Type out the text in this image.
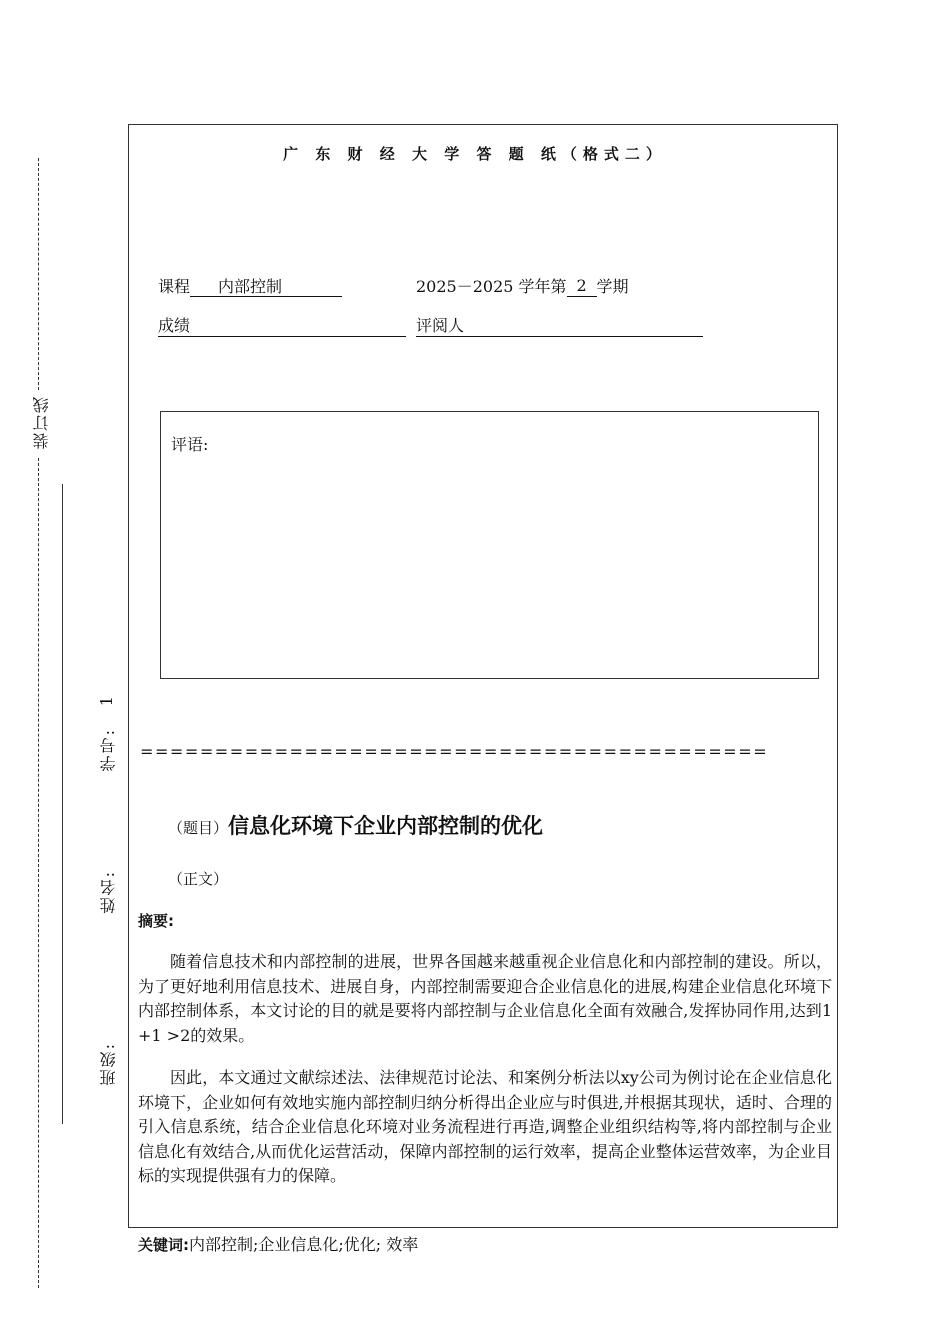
装订线
1
学号:
姓名:
班级:
广 东 财 经 大 学 答 题 纸（格式二）
课程 内部控制	2025－2025 学年第 2 学期
成绩	评阅人
评语:
==========================================
（题目）信息化环境下企业内部控制的优化
（正文）
摘要:
随着信息技术和内部控制的进展，世界各国越来越重视企业信息化和内部控制的建设。所以，为了更好地利用信息技术、进展自身，内部控制需要迎合企业信息化的进展,构建企业信息化环境下内部控制体系，本文讨论的目的就是要将内部控制与企业信息化全面有效融合,发挥协同作用,达到1+1 >2的效果。
因此，本文通过文献综述法、法律规范讨论法、和案例分析法以xy公司为例讨论在企业信息化环境下，企业如何有效地实施内部控制归纳分析得出企业应与时俱进,并根据其现状，适时、合理的引入信息系统，结合企业信息化环境对业务流程进行再造,调整企业组织结构等,将内部控制与企业信息化有效结合,从而优化运营活动，保障内部控制的运行效率，提高企业整体运营效率，为企业目标的实现提供强有力的保障。
关键词:内部控制;企业信息化;优化; 效率
